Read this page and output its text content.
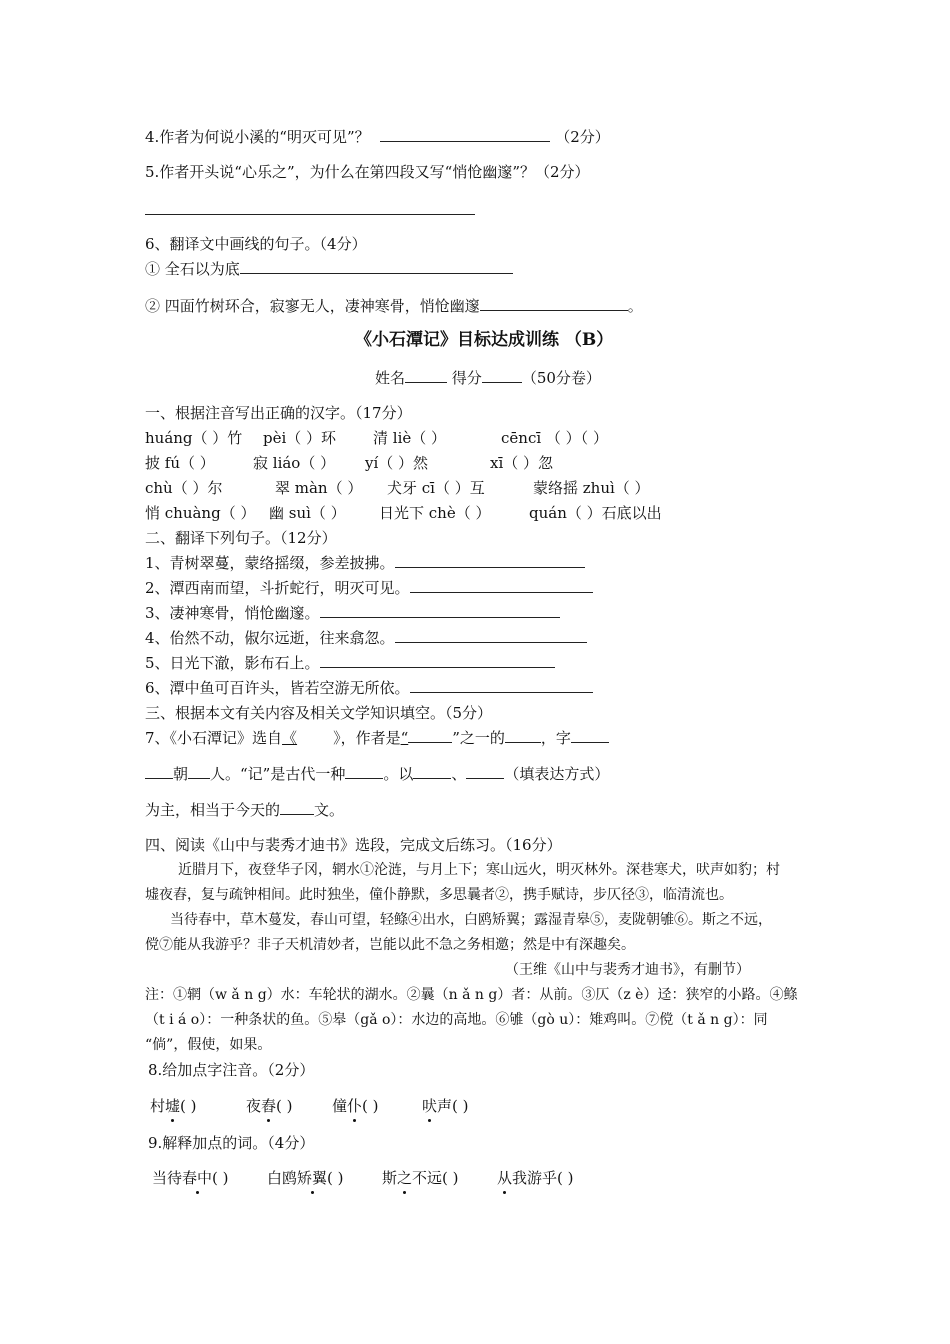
4.作者为何说小溪的“明灭可见”？	（2分）
5.作者开头说“心乐之”，为什么在第四段又写“悄怆幽邃”？（2分）
6、翻译文中画线的句子。（4分）
① 全石以为底
② 四面竹树环合，寂寥无人，凄神寒骨，悄怆幽邃	。
《小石潭记》目标达成训练 （B）
姓名	得分	（50分卷）
一、根据注音写出正确的汉字。（17分）
huáng（ ）竹 pèi（ ）环 清 liè（ ）	cēncī （ ）（ ）
披 fú（ ）	寂 liáo（ ） yí（ ）然	xī（ ）忽
chù（ ）尔	翠 màn（ ） 犬牙 cī（ ）互	蒙络摇 zhuì（ ）
悄 chuàng（ ） 幽 suì（ ） 日光下 chè（ ）	quán（ ）石底以出
二、翻译下列句子。（12分）
1、青树翠蔓，蒙络摇缀，参差披拂。
2、潭西南而望，斗折蛇行，明灭可见。
3、凄神寒骨，悄怆幽邃。
4、佁然不动，俶尔远逝，往来翕忽。
5、日光下澈，影布石上。
6、潭中鱼可百许头，皆若空游无所依。
三、根据本文有关内容及相关文学知识填空。（5分）
7、《小石潭记》选自《 》，作者是“	”之一的 ，字
朝 人。“记”是古代一种	。以	、	（填表达方式）
为主，相当于今天的 文。
四、阅读《山中与裴秀才迪书》选段，完成文后练习。（16分）
近腊月下，夜登华子冈，辋水①沦涟，与月上下；寒山远火，明灭林外。深巷寒犬，吠声如豹；村
墟夜舂，复与疏钟相间。此时独坐，僮仆静默，多思曩者②，携手赋诗，步仄径③，临清流也。
当待春中，草木蔓发，春山可望，轻鲦④出水，白鸥矫翼；露湿青皋⑤，麦陇朝雊⑥。斯之不远，
傥⑦能从我游乎？非子天机清妙者，岂能以此不急之务相邀；然是中有深趣矣。
（王维《山中与裴秀才迪书》，有删节）
注：①辋（w ǎ n g）水：车轮状的湖水。②曩（n ǎ n g）者：从前。③仄（z è）迳：狭窄的小路。④鲦
（t i á o）：一种条状的鱼。⑤皋（gǎ o）：水边的高地。⑥雊（gò u）：雉鸡叫。⑦傥（t ǎ n g）：同
“倘”，假使，如果。
8.给加点字注音。（2分）
村墟( )	夜舂( )	僮仆( )	吠声( )
9.解释加点的词。（4分）
当待春中( )	白鸥矫翼( )	斯之不远( )	从我游乎( )
